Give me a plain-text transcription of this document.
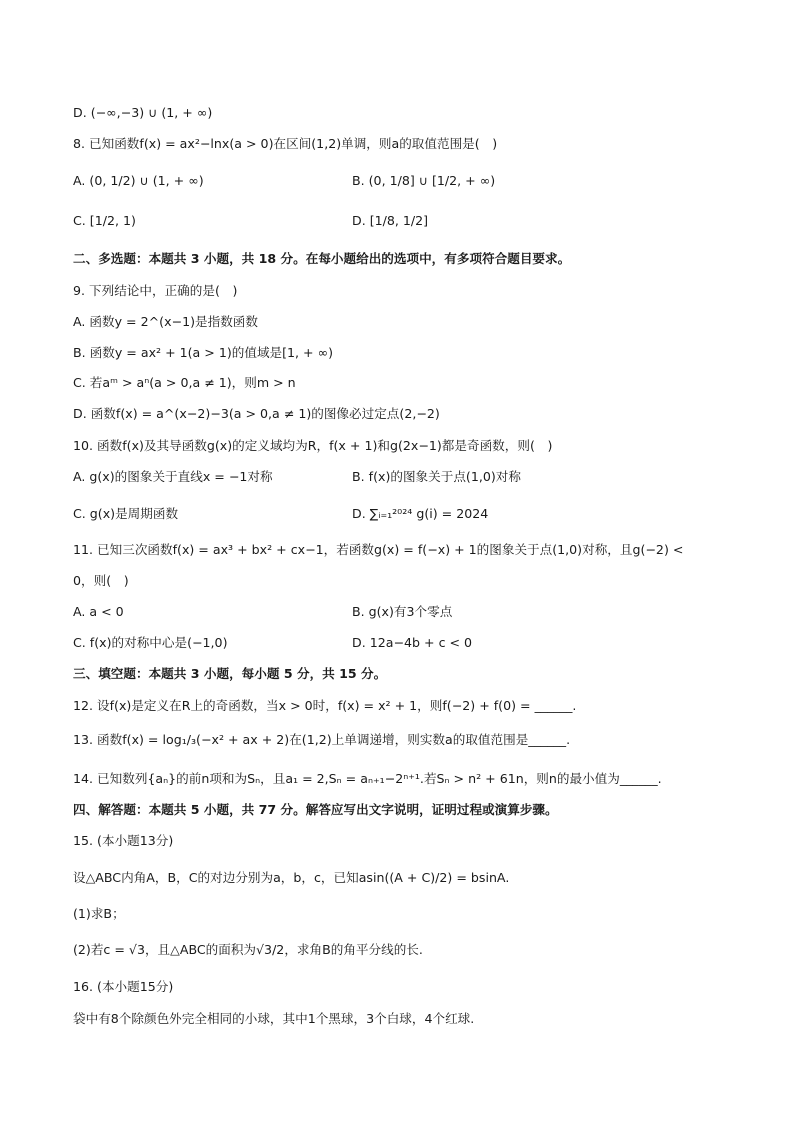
D. (−∞,−3) ∪ (1, + ∞)
8. 已知函数f(x) = ax²−lnx(a > 0)在区间(1,2)单调，则a的取值范围是(　)
A. (0, 1/2) ∪ (1, + ∞)
C. [1/2, 1)
二、多选题：本题共 3 小题，共 18 分。在每小题给出的选项中，有多项符合题目要求。
9. 下列结论中，正确的是(　)
A. 函数y = 2^(x−1)是指数函数
B. 函数y = ax² + 1(a > 1)的值域是[1, + ∞)
C. 若aᵐ > aⁿ(a > 0,a ≠ 1)，则m > n
D. 函数f(x) = a^(x−2)−3(a > 0,a ≠ 1)的图像必过定点(2,−2)
10. 函数f(x)及其导函数g(x)的定义域均为R，f(x + 1)和g(2x−1)都是奇函数，则(　)
A. g(x)的图象关于直线x = −1对称
C. g(x)是周期函数
11. 已知三次函数f(x) = ax³ + bx² + cx−1，若函数g(x) = f(−x) + 1的图象关于点(1,0)对称，且g(−2) <
0，则(　)
A. a < 0
C. f(x)的对称中心是(−1,0)
三、填空题：本题共 3 小题，每小题 5 分，共 15 分。
12. 设f(x)是定义在R上的奇函数，当x > 0时，f(x) = x² + 1，则f(−2) + f(0) = ______.
13. 函数f(x) = log₁/₃(−x² + ax + 2)在(1,2)上单调递增，则实数a的取值范围是______.
14. 已知数列{aₙ}的前n项和为Sₙ，且a₁ = 2,Sₙ = aₙ₊₁−2ⁿ⁺¹.若Sₙ > n² + 61n，则n的最小值为______.
四、解答题：本题共 5 小题，共 77 分。解答应写出文字说明，证明过程或演算步骤。
15. (本小题13分)
设△ABC内角A，B，C的对边分别为a，b，c，已知asin((A + C)/2) = bsinA.
(1)求B；
(2)若c = √3，且△ABC的面积为√3/2，求角B的角平分线的长.
16. (本小题15分)
袋中有8个除颜色外完全相同的小球，其中1个黑球，3个白球，4个红球.
B. (0, 1/8] ∪ [1/2, + ∞)
D. [1/8, 1/2]
B. f(x)的图象关于点(1,0)对称
D. ∑ᵢ₌₁²⁰²⁴ g(i) = 2024
B. g(x)有3个零点
D. 12a−4b + c < 0
